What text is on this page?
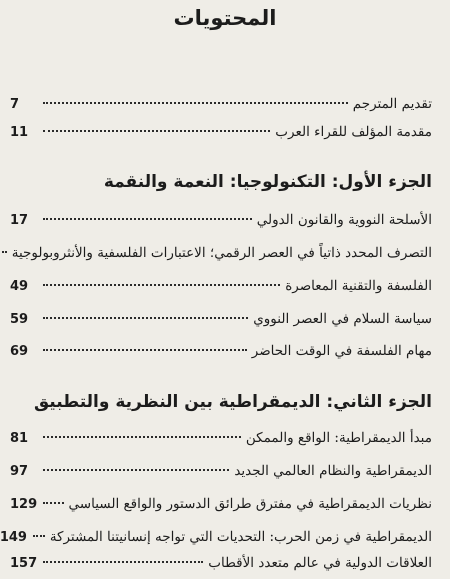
المحتويات
تقديم المترجم
7
مقدمة المؤلف للقراء العرب
11
الجزء الأول: التكنولوجيا: النعمة والنقمة
الأسلحة النووية والقانون الدولي
17
التصرف المحدد ذاتياً في العصر الرقمي؛ الاعتبارات الفلسفية والأنثروبولوجية
الفلسفة والتقنية المعاصرة
49
سياسة السلام في العصر النووي
59
مهام الفلسفة في الوقت الحاضر
69
الجزء الثاني: الديمقراطية بين النظرية والتطبيق
مبدأ الديمقراطية: الواقع والممكن
81
الديمقراطية والنظام العالمي الجديد
97
نظريات الديمقراطية في مفترق طرائق الدستور والواقع السياسي
129
الديمقراطية في زمن الحرب: التحديات التي تواجه إنسانيتنا المشتركة
149
العلاقات الدولية في عالم متعدد الأقطاب
157
